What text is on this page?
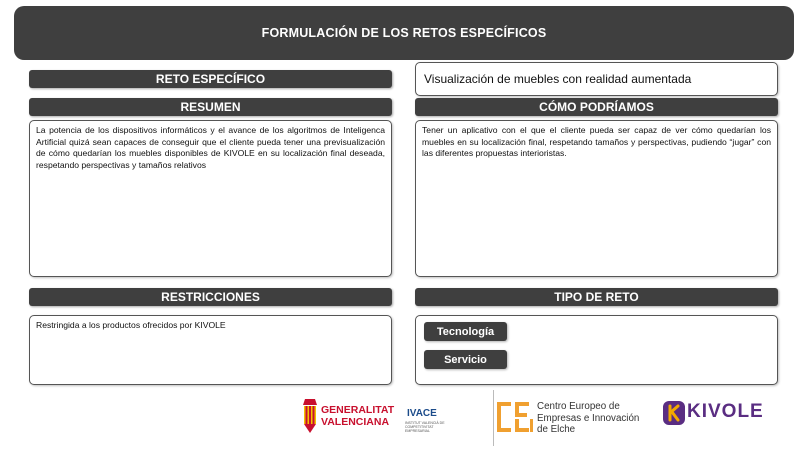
FORMULACIÓN DE LOS RETOS ESPECÍFICOS
RETO ESPECÍFICO
RESUMEN

La potencia de los dispositivos informáticos y el avance de los algoritmos de Inteligenca Artificial quizá sean capaces de conseguir que el cliente pueda tener una previsualización de cómo quedarían los muebles disponibles de KIVOLE en su localización final deseada, respetando perspectivas y tamaños relativos

RESTRICCIONES

Restringida a los productos ofrecidos por KIVOLE

Visualización de muebles con realidad aumentada
CÓMO PODRÍAMOS

Tener un aplicativo con el que el cliente pueda ser capaz de ver cómo quedarían los muebles en su localización final, respetando tamaños y perspectivas, pudiendo “jugar” con las diferentes propuestas interioristas.

TIPO DE RETO
Tecnología
Servicio
GENERALITAT
VALENCIANA
IVACE
INSTITUT VALENCIÀ DE COMPETITIVITAT EMPRESARIAL
Centro Europeo de
Empresas e Innovación
de Elche
KIVOLE
